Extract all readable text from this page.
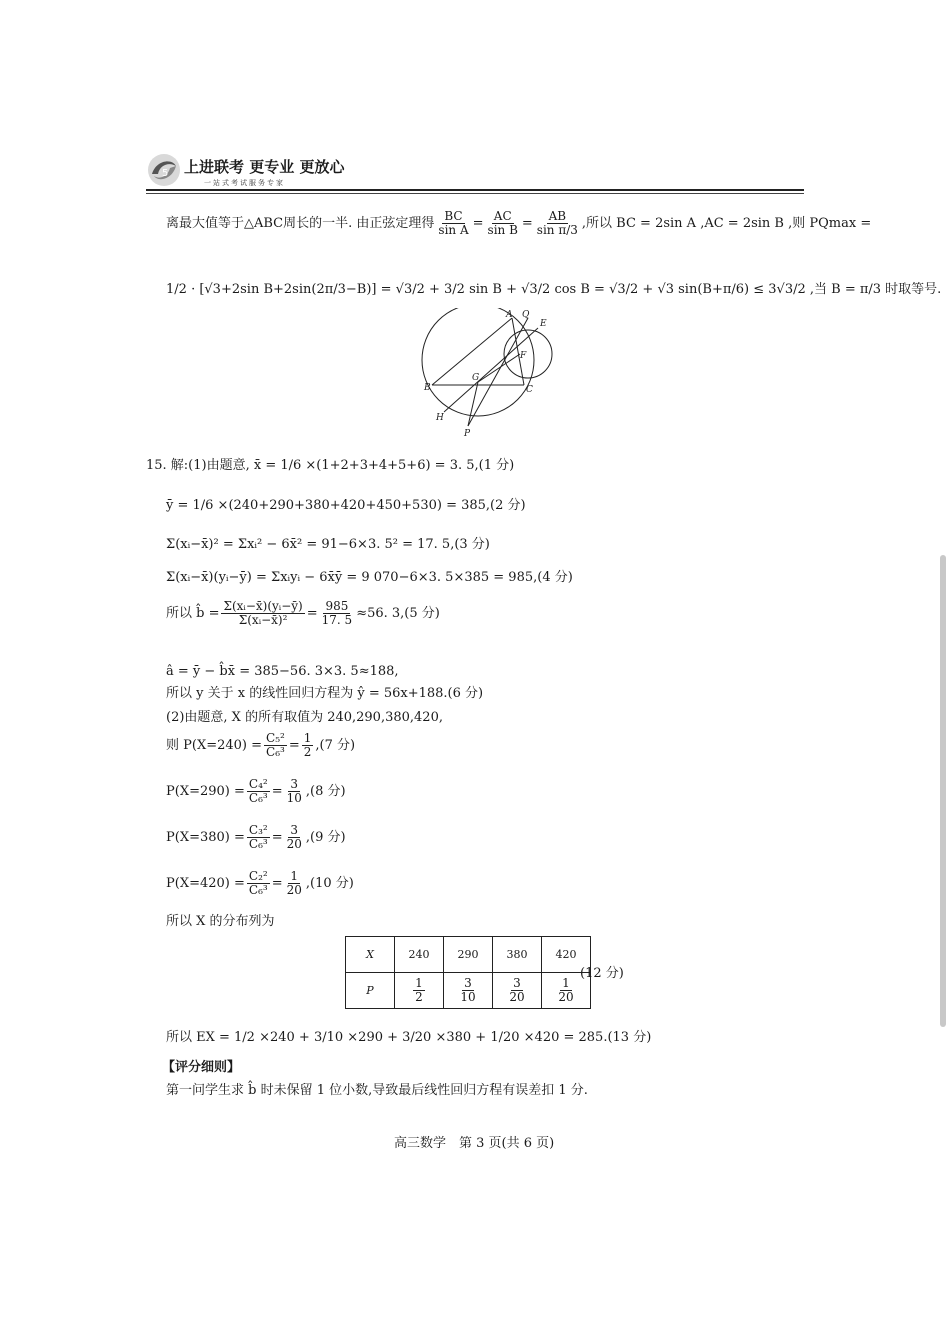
5 上进联考 更专业 更放心
一站式考试服务专家
离最大值等于△ABC周长的一半. 由正弦定理得 $\frac{BC}{\text{sin A}} = \frac{AC}{\text{sin B}} = \frac{AB}{\text{sin π/3}}$ ,所以 BC = 2sin A ,AC = 2sin B ,则 PQmax =
1/2 · [√3+2sin B+2sin(2π/3−B)] = √3/2 + 3/2 sin B + √3/2 cos B = √3/2 + √3 sin(B+π/6) ≤ 3√3/2 ,当 B = π/3 时取等号.
A Q
E
F
B
G
C
H
P
15. 解:(1)由题意, x̄ = 1/6 ×(1+2+3+4+5+6) = 3. 5,(1 分)
ȳ = 1/6 ×(240+290+380+420+450+530) = 385,(2 分)
Σ(xᵢ−x̄)² = Σxᵢ² − 6x̄² = 91−6×3. 5² = 17. 5,(3 分)
Σ(xᵢ−x̄)(yᵢ−ȳ) = Σxᵢyᵢ − 6x̄ȳ = 9 070−6×3. 5×385 = 985,(4 分)
所以 b̂ = $\frac{\text{Σ(xᵢ−x̄)(yᵢ−ȳ)}}{\text{Σ(xᵢ−x̄)²}} = \frac{985}{17. 5} \approx 56$. 3,(5 分)
â = ȳ − b̂x̄ = 385−56. 3×3. 5≈188,
所以 y 关于 x 的线性回归方程为 ŷ = 56x+188.(6 分)
(2)由题意, X 的所有取值为 240,290,380,420,
则 $P(X=240) = \frac{\text{C₅²}}{\text{C₆³}} = \frac{1}{2} ,(7$ 分)
$P(X=290) = \frac{\text{C₄²}}{\text{C₆³}} = \frac{3}{10} ,(8$ 分)
$P(X=380) = \frac{\text{C₃²}}{\text{C₆³}} = \frac{3}{20} ,(9$ 分)
$P(X=420) = \frac{\text{C₂²}}{\text{C₆³}} = \frac{1}{20} ,(10$ 分)
所以 X 的分布列为
X	240	290	380	420
P	$\frac{1}{2}$	$\frac{3}{10}$	$\frac{3}{20}$	$\frac{1}{20}$
(12 分)
所以 EX = 1/2 ×240 + 3/10 ×290 + 3/20 ×380 + 1/20 ×420 = 285.(13 分)
【评分细则】
第一问学生求 b̂ 时未保留 1 位小数,导致最后线性回归方程有误差扣 1 分.
高三数学　第 3 页(共 6 页)
